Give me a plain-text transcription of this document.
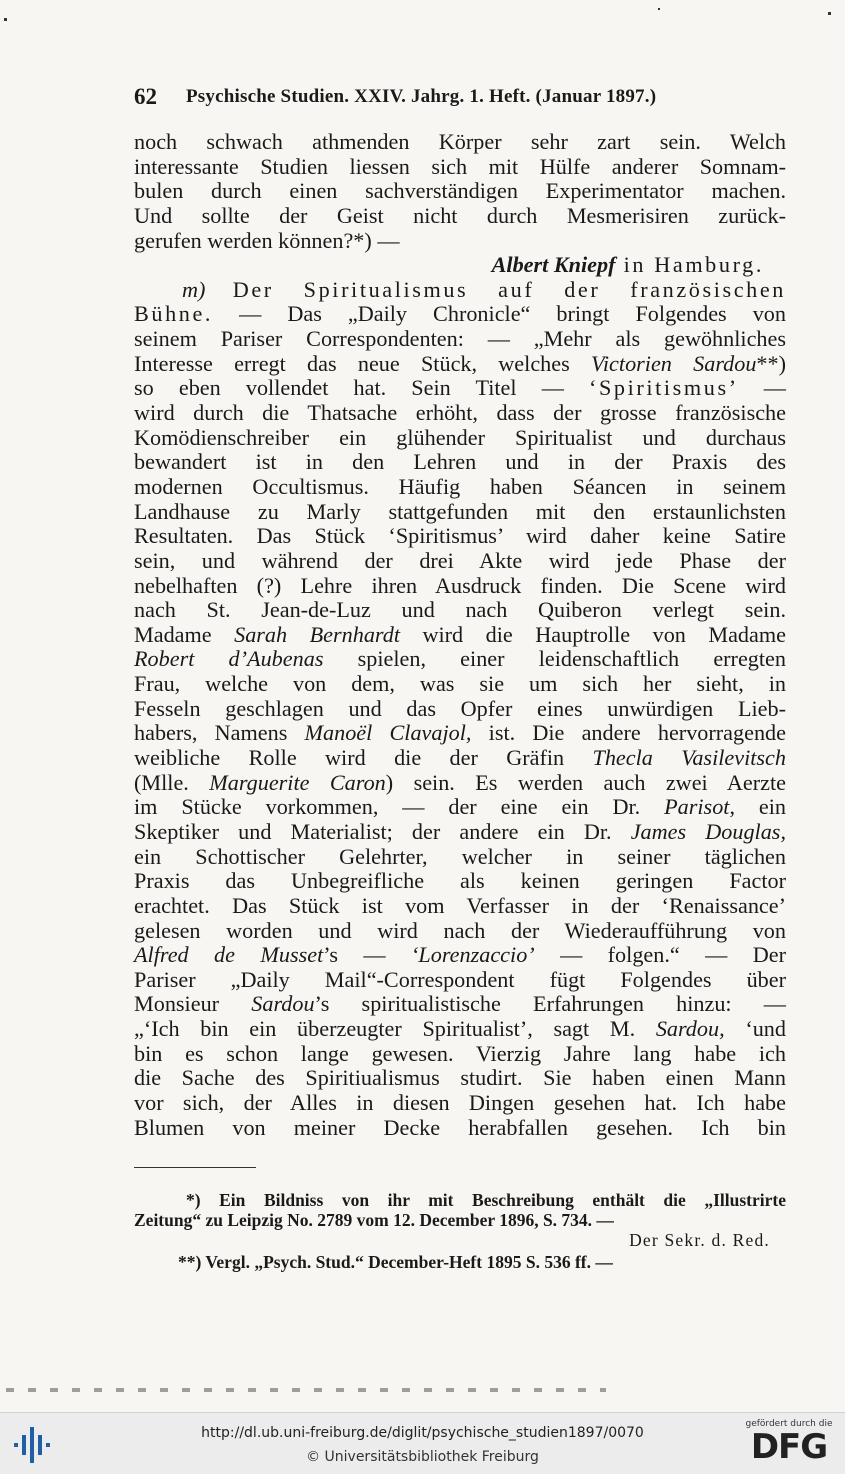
62 Psychische Studien. XXIV. Jahrg. 1. Heft. (Januar 1897.)
noch schwach athmenden Körper sehr zart sein. Welch
interessante Studien liessen sich mit Hülfe anderer Somnam-
bulen durch einen sachverständigen Experimentator machen.
Und sollte der Geist nicht durch Mesmerisiren zurück-
gerufen werden können?*) —
Albert Kniepf in Hamburg.
m) Der Spiritualismus auf der französischen
Bühne. — Das „Daily Chronicle“ bringt Folgendes von
seinem Pariser Correspondenten: — „Mehr als gewöhnliches
Interesse erregt das neue Stück, welches Victorien Sardou**)
so eben vollendet hat. Sein Titel — ‘Spiritismus’ —
wird durch die Thatsache erhöht, dass der grosse französische
Komödienschreiber ein glühender Spiritualist und durchaus
bewandert ist in den Lehren und in der Praxis des
modernen Occultismus. Häufig haben Séancen in seinem
Landhause zu Marly stattgefunden mit den erstaunlichsten
Resultaten. Das Stück ‘Spiritismus’ wird daher keine Satire
sein, und während der drei Akte wird jede Phase der
nebelhaften (?) Lehre ihren Ausdruck finden. Die Scene wird
nach St. Jean-de-Luz und nach Quiberon verlegt sein.
Madame Sarah Bernhardt wird die Hauptrolle von Madame
Robert d’Aubenas spielen, einer leidenschaftlich erregten
Frau, welche von dem, was sie um sich her sieht, in
Fesseln geschlagen und das Opfer eines unwürdigen Lieb-
habers, Namens Manoël Clavajol, ist. Die andere hervorragende
weibliche Rolle wird die der Gräfin Thecla Vasilevitsch
(Mlle. Marguerite Caron) sein. Es werden auch zwei Aerzte
im Stücke vorkommen, — der eine ein Dr. Parisot, ein
Skeptiker und Materialist; der andere ein Dr. James Douglas,
ein Schottischer Gelehrter, welcher in seiner täglichen
Praxis das Unbegreifliche als keinen geringen Factor
erachtet. Das Stück ist vom Verfasser in der ‘Renaissance’
gelesen worden und wird nach der Wiederaufführung von
Alfred de Musset’s — ‘Lorenzaccio’ — folgen.“ — Der
Pariser „Daily Mail“-Correspondent fügt Folgendes über
Monsieur Sardou’s spiritualistische Erfahrungen hinzu: —
„‘Ich bin ein überzeugter Spiritualist’, sagt M. Sardou, ‘und
bin es schon lange gewesen. Vierzig Jahre lang habe ich
die Sache des Spiritiualismus studirt. Sie haben einen Mann
vor sich, der Alles in diesen Dingen gesehen hat. Ich habe
Blumen von meiner Decke herabfallen gesehen. Ich bin
*) Ein Bildniss von ihr mit Beschreibung enthält die „Illustrirte
Zeitung“ zu Leipzig No. 2789 vom 12. December 1896, S. 734. —
Der Sekr. d. Red.
**) Vergl. „Psych. Stud.“ December-Heft 1895 S. 536 ff. —
http://dl.ub.uni-freiburg.de/diglit/psychische_studien1897/0070
© Universitätsbibliothek Freiburg
gefördert durch die
DFG
